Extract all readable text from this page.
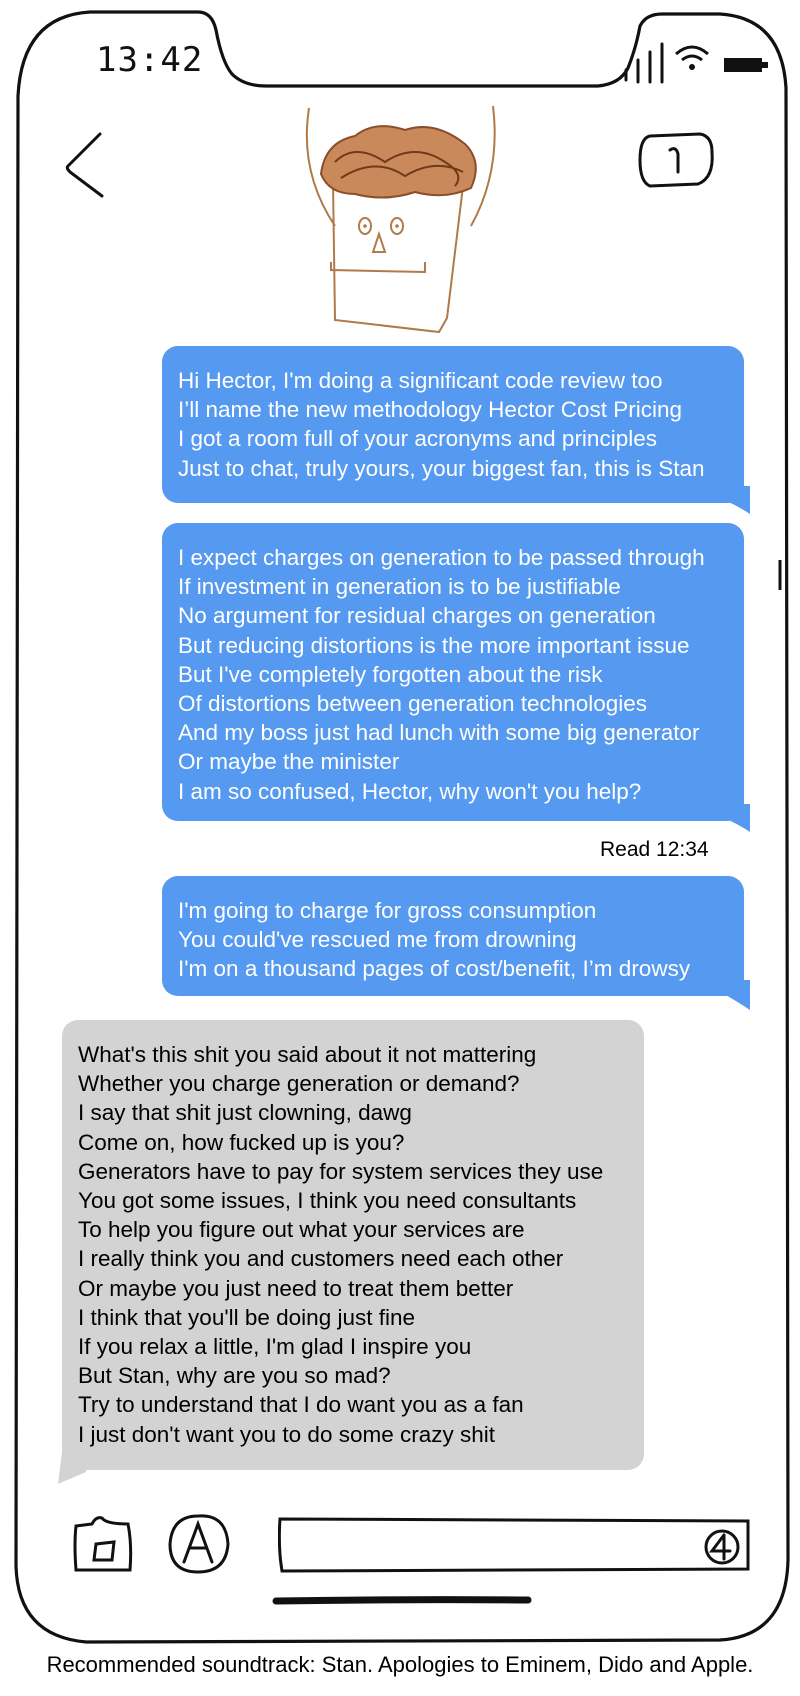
13:42
Hi Hector, I'm doing a significant code review too
I’ll name the new methodology Hector Cost Pricing
I got a room full of your acronyms and principles
Just to chat, truly yours, your biggest fan, this is Stan
I expect charges on generation to be passed through
If investment in generation is to be justifiable
No argument for residual charges on generation
But reducing distortions is the more important issue
But I've completely forgotten about the risk
Of distortions between generation technologies
And my boss just had lunch with some big generator
Or maybe the minister
I am so confused, Hector, why won't you help?
Read 12:34
I'm going to charge for gross consumption
You could've rescued me from drowning
I'm on a thousand pages of cost/benefit, I’m drowsy
What's this shit you said about it not mattering
Whether you charge generation or demand?
I say that shit just clowning, dawg
Come on, how fucked up is you?
Generators have to pay for system services they use
You got some issues, I think you need consultants
To help you figure out what your services are
I really think you and customers need each other
Or maybe you just need to treat them better
I think that you'll be doing just fine
If you relax a little, I'm glad I inspire you
But Stan, why are you so mad?
Try to understand that I do want you as a fan
I just don't want you to do some crazy shit
Recommended soundtrack: Stan. Apologies to Eminem, Dido and Apple.
